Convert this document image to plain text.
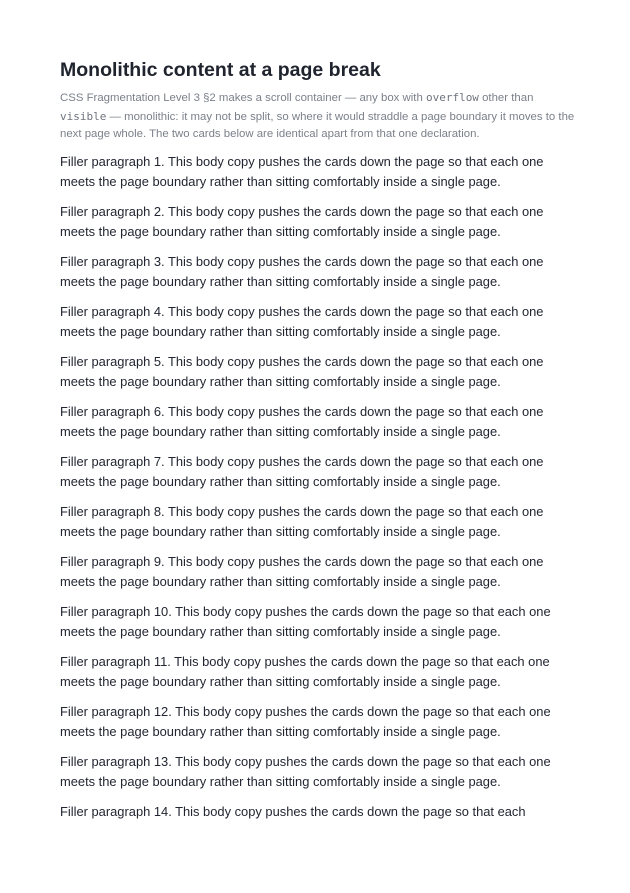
Monolithic content at a page break

CSS Fragmentation Level 3 §2 makes a scroll container — any box with overflow other than visible — monolithic: it may not be split, so where it would straddle a page boundary it moves to the next page whole. The two cards below are identical apart from that one declaration.

Filler paragraph 1. This body copy pushes the cards down the page so that each one meets the page boundary rather than sitting comfortably inside a single page.

Filler paragraph 2. This body copy pushes the cards down the page so that each one meets the page boundary rather than sitting comfortably inside a single page.

Filler paragraph 3. This body copy pushes the cards down the page so that each one meets the page boundary rather than sitting comfortably inside a single page.

Filler paragraph 4. This body copy pushes the cards down the page so that each one meets the page boundary rather than sitting comfortably inside a single page.

Filler paragraph 5. This body copy pushes the cards down the page so that each one meets the page boundary rather than sitting comfortably inside a single page.

Filler paragraph 6. This body copy pushes the cards down the page so that each one meets the page boundary rather than sitting comfortably inside a single page.

Filler paragraph 7. This body copy pushes the cards down the page so that each one meets the page boundary rather than sitting comfortably inside a single page.

Filler paragraph 8. This body copy pushes the cards down the page so that each one meets the page boundary rather than sitting comfortably inside a single page.

Filler paragraph 9. This body copy pushes the cards down the page so that each one meets the page boundary rather than sitting comfortably inside a single page.

Filler paragraph 10. This body copy pushes the cards down the page so that each one meets the page boundary rather than sitting comfortably inside a single page.

Filler paragraph 11. This body copy pushes the cards down the page so that each one meets the page boundary rather than sitting comfortably inside a single page.

Filler paragraph 12. This body copy pushes the cards down the page so that each one meets the page boundary rather than sitting comfortably inside a single page.

Filler paragraph 13. This body copy pushes the cards down the page so that each one meets the page boundary rather than sitting comfortably inside a single page.

Filler paragraph 14. This body copy pushes the cards down the page so that each
